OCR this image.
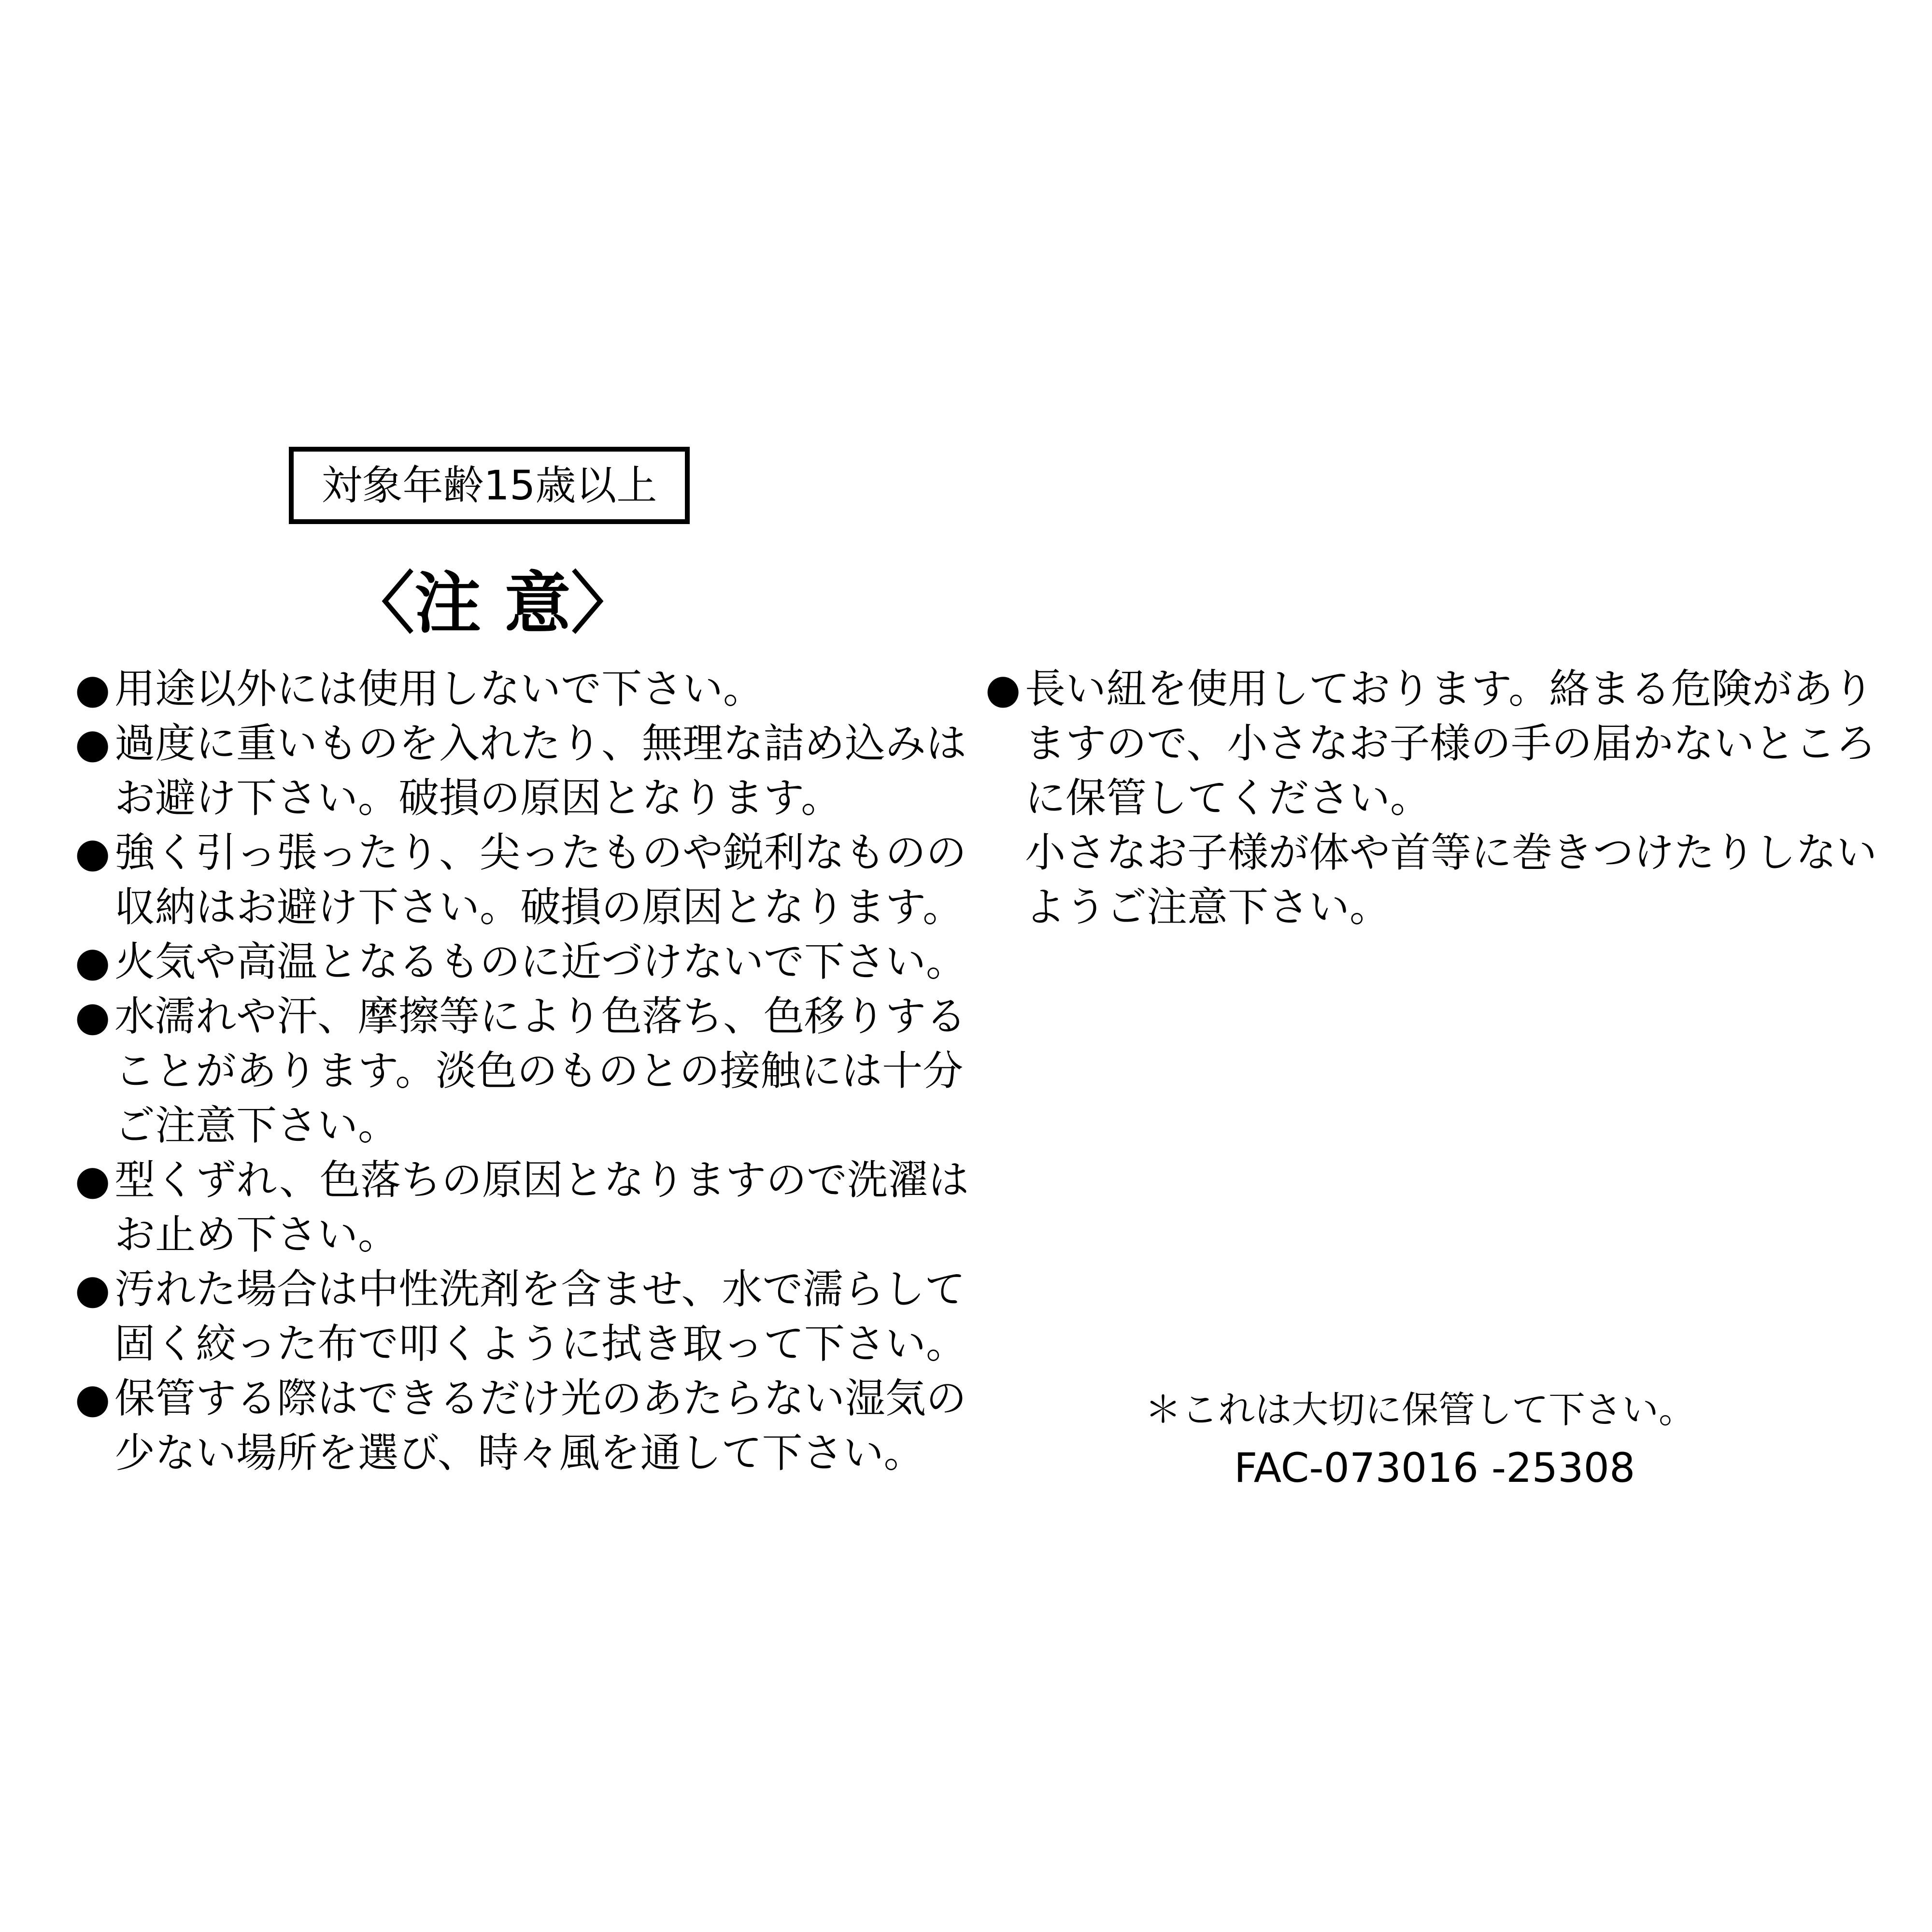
対象年齢15歳以上
〈注 意〉

● 用途以外には使用しないで下さい。

● 過度に重いものを入れたり、無理な詰め込みは
お避け下さい。破損の原因となります。

● 強く引っ張ったり、尖ったものや鋭利なものの
収納はお避け下さい。破損の原因となります。

● 火気や高温となるものに近づけないで下さい。

● 水濡れや汗、摩擦等により色落ち、色移りする
ことがあります。淡色のものとの接触には十分
ご注意下さい。

● 型くずれ、色落ちの原因となりますので洗濯は
お止め下さい。

● 汚れた場合は中性洗剤を含ませ、水で濡らして
固く絞った布で叩くように拭き取って下さい。

● 保管する際はできるだけ光のあたらない湿気の
少ない場所を選び、時々風を通して下さい。

● 長い紐を使用しております。絡まる危険があり
ますので、小さなお子様の手の届かないところ
に保管してください。
小さなお子様が体や首等に巻きつけたりしない
ようご注意下さい。

＊これは大切に保管して下さい。
FAC-073016 -25308
